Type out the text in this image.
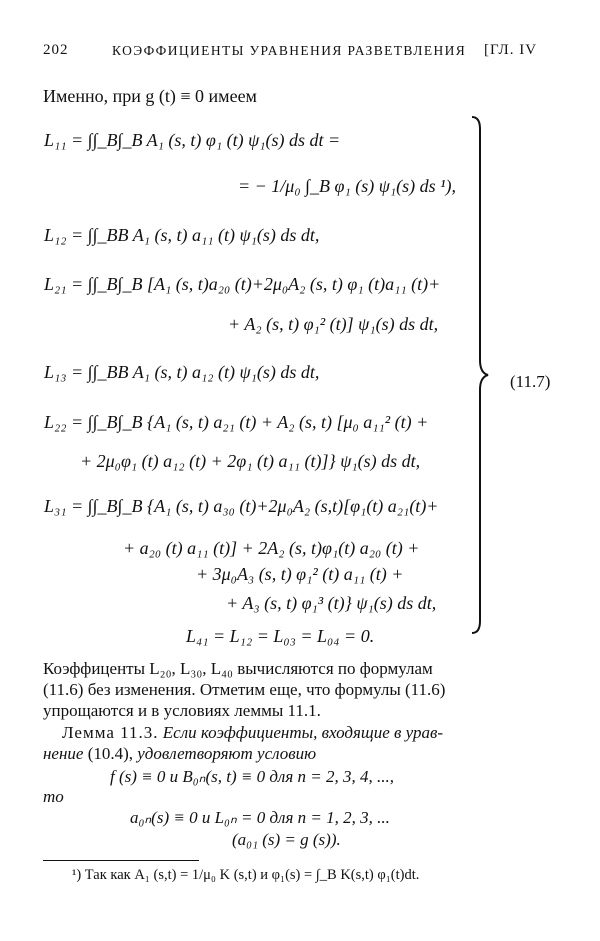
202	КОЭФФИЦИЕНТЫ УРАВНЕНИЯ РАЗВЕТВЛЕНИЯ [ГЛ. IV
Именно, при g (t) ≡ 0 имеем
L₁₁ = ∫∫_B∫_B A₁ (s, t) φ₁ (t) ψ₁(s) ds dt =
= − 1/μ₀ ∫_B φ₁ (s) ψ₁(s) ds ¹),
L₁₂ = ∫∫_BB A₁ (s, t) a₁₁ (t) ψ₁(s) ds dt,
L₂₁ = ∫∫_B∫_B [A₁ (s, t)a₂₀ (t)+2μ₀A₂ (s, t) φ₁ (t)a₁₁ (t)+
+ A₂ (s, t) φ₁² (t)] ψ₁(s) ds dt,
L₁₃ = ∫∫_BB A₁ (s, t) a₁₂ (t) ψ₁(s) ds dt,
L₂₂ = ∫∫_B∫_B {A₁ (s, t) a₂₁ (t) + A₂ (s, t) [μ₀ a₁₁² (t) +
+ 2μ₀φ₁ (t) a₁₂ (t) + 2φ₁ (t) a₁₁ (t)]} ψ₁(s) ds dt,
L₃₁ = ∫∫_B∫_B {A₁ (s, t) a₃₀ (t)+2μ₀A₂ (s,t)[φ₁(t) a₂₁(t)+
+ a₂₀ (t) a₁₁ (t)] + 2A₂ (s, t)φ₁(t) a₂₀ (t) +
+ 3μ₀A₃ (s, t) φ₁² (t) a₁₁ (t) +
+ A₃ (s, t) φ₁³ (t)} ψ₁(s) ds dt,
L₄₁ = L₁₂ = L₀₃ = L₀₄ = 0.
(11.7)
Коэффиценты L₂₀, L₃₀, L₄₀ вычисляются по формулам
(11.6) без изменения. Отметим еще, что формулы (11.6)
упрощаются и в условиях леммы 11.1.
Лемма 11.3. Если коэффициенты, входящие в урав-
нение (10.4), удовлетворяют условию
f (s) ≡ 0 и B₀ₙ(s, t) ≡ 0 для n = 2, 3, 4, ...,
то
a₀ₙ(s) ≡ 0 и L₀ₙ = 0 для n = 1, 2, 3, ...
(a₀₁ (s) = g (s)).
¹) Так как A₁ (s,t) = 1/μ₀ K (s,t) и φ₁(s) = ∫_B K(s,t) φ₁(t)dt.
